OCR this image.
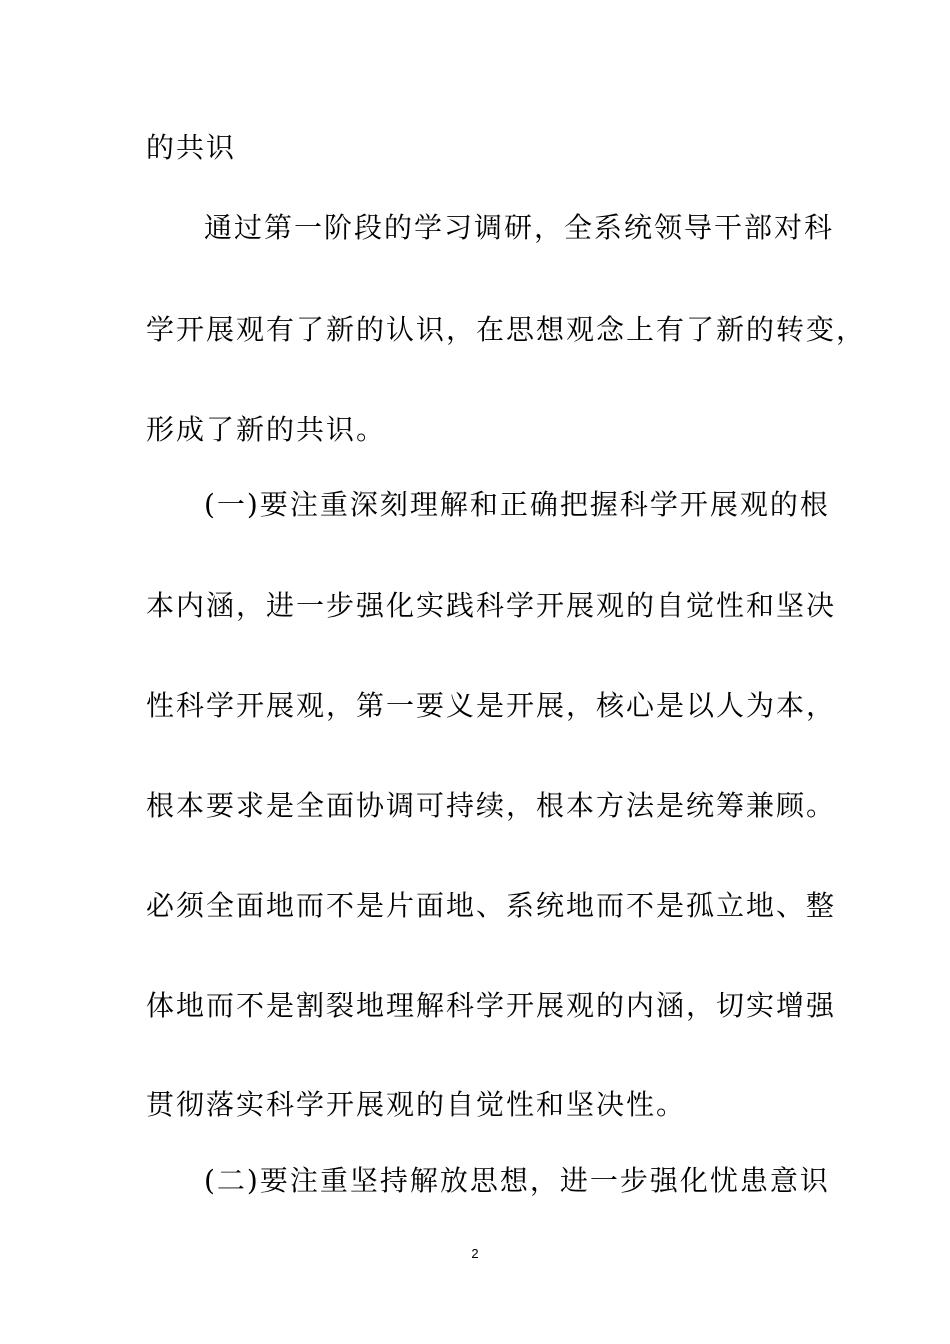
的共识
通过第一阶段的学习调研，全系统领导干部对科
学开展观有了新的认识，在思想观念上有了新的转变，
形成了新的共识。
(一)要注重深刻理解和正确把握科学开展观的根
本内涵，进一步强化实践科学开展观的自觉性和坚决
性科学开展观，第一要义是开展，核心是以人为本，
根本要求是全面协调可持续，根本方法是统筹兼顾。
必须全面地而不是片面地、系统地而不是孤立地、整
体地而不是割裂地理解科学开展观的内涵，切实增强
贯彻落实科学开展观的自觉性和坚决性。
(二)要注重坚持解放思想，进一步强化忧患意识
2
